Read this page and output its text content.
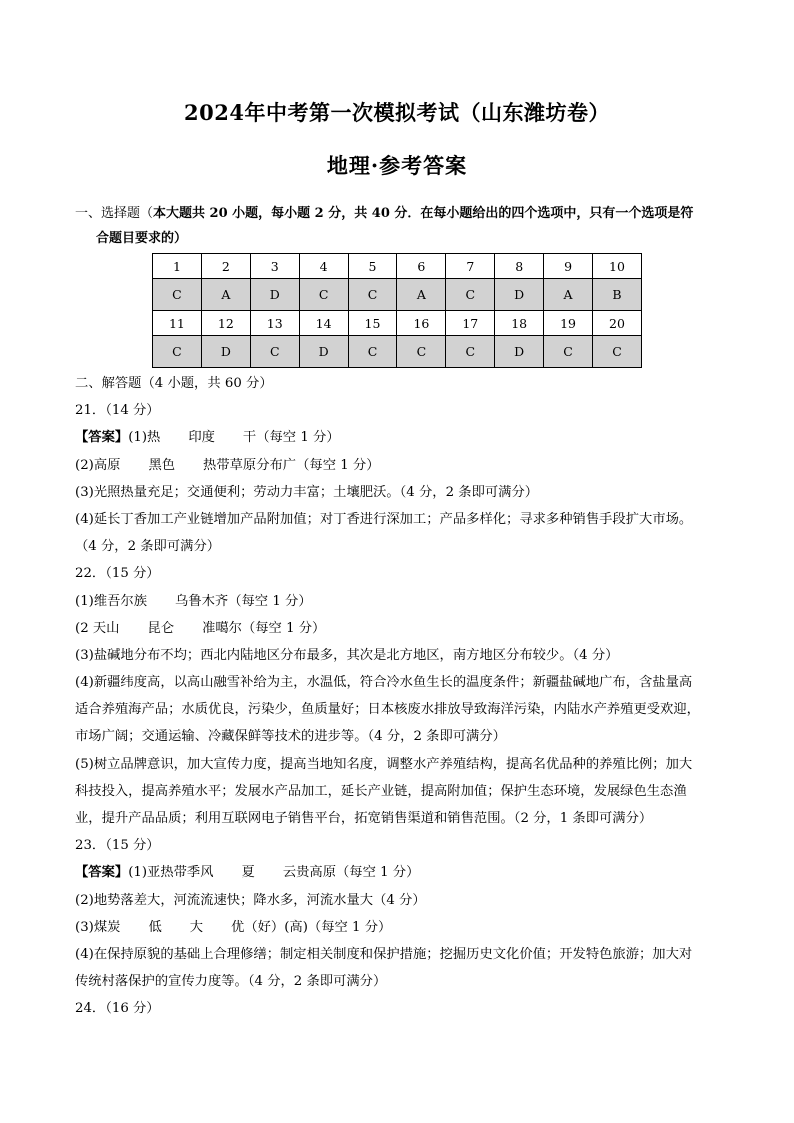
2024年中考第一次模拟考试（山东潍坊卷）
地理·参考答案
一、选择题（本大题共 20 小题，每小题 2 分，共 40 分．在每小题给出的四个选项中，只有一个选项是符
合题目要求的）
1	2	3	4	5	6	7	8	9	10
C	A	D	C	C	A	C	D	A	B
11	12	13	14	15	16	17	18	19	20
C	D	C	D	C	C	C	D	C	C
二、解答题（4 小题，共 60 分）
21．（14 分）
【答案】(1)热 印度 干（每空 1 分）
(2)高原 黑色 热带草原分布广（每空 1 分）
(3)光照热量充足；交通便利；劳动力丰富；土壤肥沃。（4 分，2 条即可满分）
(4)延长丁香加工产业链增加产品附加值；对丁香进行深加工；产品多样化；寻求多种销售手段扩大市场。
（4 分，2 条即可满分）
22．（15 分）
(1)维吾尔族 乌鲁木齐（每空 1 分）
(2 天山 昆仑 准噶尔（每空 1 分）
(3)盐碱地分布不均；西北内陆地区分布最多，其次是北方地区，南方地区分布较少。（4 分）
(4)新疆纬度高，以高山融雪补给为主，水温低，符合冷水鱼生长的温度条件；新疆盐碱地广布，含盐量高
适合养殖海产品；水质优良，污染少，鱼质量好；日本核废水排放导致海洋污染，内陆水产养殖更受欢迎，
市场广阔；交通运输、冷藏保鲜等技术的进步等。（4 分，2 条即可满分）
(5)树立品牌意识，加大宣传力度，提高当地知名度，调整水产养殖结构，提高名优品种的养殖比例；加大
科技投入，提高养殖水平；发展水产品加工，延长产业链，提高附加值；保护生态环境，发展绿色生态渔
业，提升产品品质；利用互联网电子销售平台，拓宽销售渠道和销售范围。（2 分，1 条即可满分）
23．（15 分）
【答案】(1)亚热带季风 夏 云贵高原（每空 1 分）
(2)地势落差大，河流流速快；降水多，河流水量大（4 分）
(3)煤炭 低 大 优（好）(高)（每空 1 分）
(4)在保持原貌的基础上合理修缮；制定相关制度和保护措施；挖掘历史文化价值；开发特色旅游；加大对
传统村落保护的宣传力度等。（4 分，2 条即可满分）
24．（16 分）
